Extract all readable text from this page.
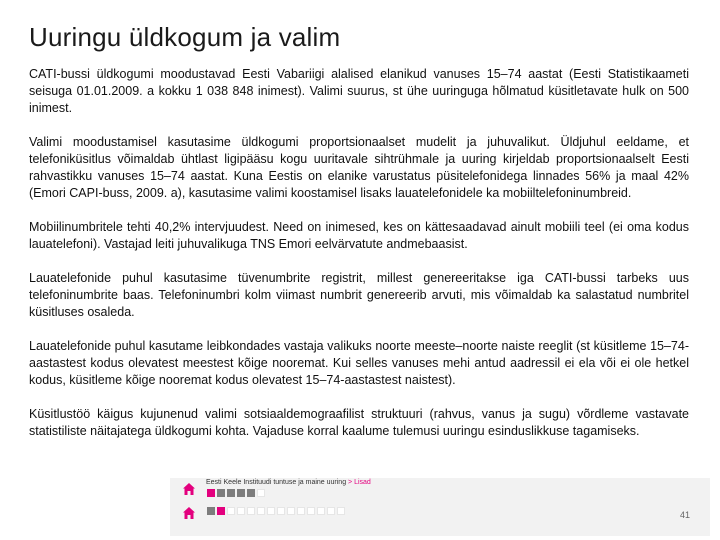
Uuringu üldkogum ja valim

CATI-bussi üldkogumi moodustavad Eesti Vabariigi alalised elanikud vanuses 15–74 aastat (Eesti Statistikaameti seisuga 01.01.2009. a kokku 1 038 848 inimest). Valimi suurus, st ühe uuringuga hõlmatud küsitletavate hulk on 500 inimest.

Valimi moodustamisel kasutasime üldkogumi proportsionaalset mudelit ja juhuvalikut. Üldjuhul eeldame, et telefoniküsitlus võimaldab ühtlast ligipääsu kogu uuritavale sihtrühmale ja uuring kirjeldab proportsionaalselt Eesti rahvastikku vanuses 15–74 aastat. Kuna Eestis on elanike varustatus püsitelefonidega linnades 56% ja maal 42% (Emori CAPI-buss, 2009. a), kasutasime valimi koostamisel lisaks lauatelefonidele ka mobiiltelefoninumbreid.

Mobiilinumbritele tehti 40,2% intervjuudest. Need on inimesed, kes on kättesaadavad ainult mobiili teel (ei oma kodus lauatelefoni). Vastajad leiti juhuvalikuga TNS Emori eelvärvatute andmebaasist.

Lauatelefonide puhul kasutasime tüvenumbrite registrit, millest genereeritakse iga CATI-bussi tarbeks uus telefoninumbrite baas. Telefoninumbri kolm viimast numbrit genereerib arvuti, mis võimaldab ka salastatud numbritel küsitluses osaleda.

Lauatelefonide puhul kasutame leibkondades vastaja valikuks noorte meeste–noorte naiste reeglit (st küsitleme 15–74-aastastest kodus olevatest meestest kõige nooremat. Kui selles vanuses mehi antud aadressil ei ela või ei ole hetkel kodus, küsitleme kõige nooremat kodus olevatest 15–74-aastastest naistest).

Küsitlustöö käigus kujunenud valimi sotsiaaldemograafilist struktuuri (rahvus, vanus ja sugu) võrdleme vastavate statistiliste näitajatega üldkogumi kohta. Vajaduse korral kaalume tulemusi uuringu esinduslikkuse tagamiseks.

Eesti Keele Instituudi tuntuse ja maine uuring > Lisad
41
